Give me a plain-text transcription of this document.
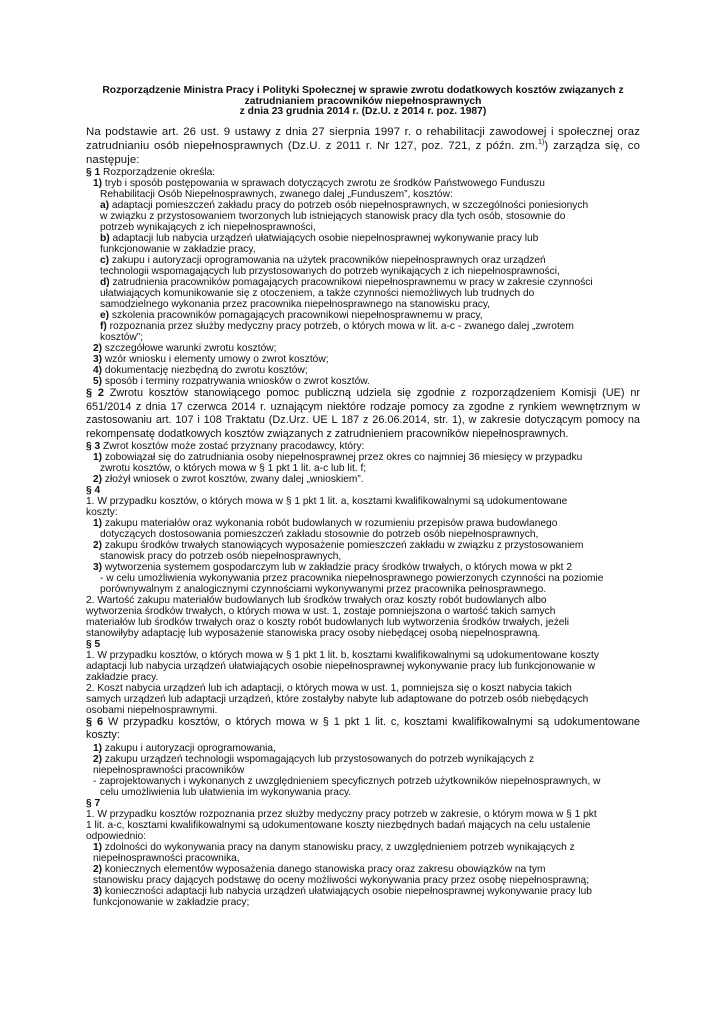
Rozporządzenie Ministra Pracy i Polityki Społecznej w sprawie zwrotu dodatkowych kosztów związanych z
zatrudnianiem pracowników niepełnosprawnych
z dnia 23 grudnia 2014 r. (Dz.U. z 2014 r. poz. 1987)
Na podstawie art. 26 ust. 9 ustawy z dnia 27 sierpnia 1997 r. o rehabilitacji zawodowej i społecznej oraz zatrudnianiu osób niepełnosprawnych (Dz.U. z 2011 r. Nr 127, poz. 721, z późn. zm.$^{1)}$) zarządza się, co następuje:
§ 1 Rozporządzenie określa:
1) tryb i sposób postępowania w sprawach dotyczących zwrotu ze środków Państwowego Funduszu
Rehabilitacji Osób Niepełnosprawnych, zwanego dalej „Funduszem”, kosztów:
a) adaptacji pomieszczeń zakładu pracy do potrzeb osób niepełnosprawnych, w szczególności poniesionych
w związku z przystosowaniem tworzonych lub istniejących stanowisk pracy dla tych osób, stosownie do
potrzeb wynikających z ich niepełnosprawności,
b) adaptacji lub nabycia urządzeń ułatwiających osobie niepełnosprawnej wykonywanie pracy lub
funkcjonowanie w zakładzie pracy,
c) zakupu i autoryzacji oprogramowania na użytek pracowników niepełnosprawnych oraz urządzeń
technologii wspomagających lub przystosowanych do potrzeb wynikających z ich niepełnosprawności,
d) zatrudnienia pracowników pomagających pracownikowi niepełnosprawnemu w pracy w zakresie czynności
ułatwiających komunikowanie się z otoczeniem, a także czynności niemożliwych lub trudnych do
samodzielnego wykonania przez pracownika niepełnosprawnego na stanowisku pracy,
e) szkolenia pracowników pomagających pracownikowi niepełnosprawnemu w pracy,
f) rozpoznania przez służby medyczny pracy potrzeb, o których mowa w lit. a-c - zwanego dalej „zwrotem
kosztów”;
2) szczegółowe warunki zwrotu kosztów;
3) wzór wniosku i elementy umowy o zwrot kosztów;
4) dokumentację niezbędną do zwrotu kosztów;
5) sposób i terminy rozpatrywania wniosków o zwrot kosztów.
§ 2 Zwrotu kosztów stanowiącego pomoc publiczną udziela się zgodnie z rozporządzeniem Komisji (UE) nr 651/2014 z dnia 17 czerwca 2014 r. uznającym niektóre rodzaje pomocy za zgodne z rynkiem wewnętrznym w zastosowaniu art. 107 i 108 Traktatu (Dz.Urz. UE L 187 z 26.06.2014, str. 1), w zakresie dotyczącym pomocy na rekompensatę dodatkowych kosztów związanych z zatrudnieniem pracowników niepełnosprawnych.
§ 3 Zwrot kosztów może zostać przyznany pracodawcy, który:
1) zobowiązał się do zatrudniania osoby niepełnosprawnej przez okres co najmniej 36 miesięcy w przypadku
zwrotu kosztów, o których mowa w § 1 pkt 1 lit. a-c lub lit. f;
2) złożył wniosek o zwrot kosztów, zwany dalej „wnioskiem”.
§ 4
1. W przypadku kosztów, o których mowa w § 1 pkt 1 lit. a, kosztami kwalifikowalnymi są udokumentowane
koszty:
1) zakupu materiałów oraz wykonania robót budowlanych w rozumieniu przepisów prawa budowlanego
dotyczących dostosowania pomieszczeń zakładu stosownie do potrzeb osób niepełnosprawnych,
2) zakupu środków trwałych stanowiących wyposażenie pomieszczeń zakładu w związku z przystosowaniem
stanowisk pracy do potrzeb osób niepełnosprawnych,
3) wytworzenia systemem gospodarczym lub w zakładzie pracy środków trwałych, o których mowa w pkt 2
- w celu umożliwienia wykonywania przez pracownika niepełnosprawnego powierzonych czynności na poziomie
porównywalnym z analogicznymi czynnościami wykonywanymi przez pracownika pełnosprawnego.
2. Wartość zakupu materiałów budowlanych lub środków trwałych oraz koszty robót budowlanych albo
wytworzenia środków trwałych, o których mowa w ust. 1, zostaje pomniejszona o wartość takich samych
materiałów lub środków trwałych oraz o koszty robót budowlanych lub wytworzenia środków trwałych, jeżeli
stanowiłyby adaptację lub wyposażenie stanowiska pracy osoby niebędącej osobą niepełnosprawną.
§ 5
1. W przypadku kosztów, o których mowa w § 1 pkt 1 lit. b, kosztami kwalifikowalnymi są udokumentowane koszty
adaptacji lub nabycia urządzeń ułatwiających osobie niepełnosprawnej wykonywanie pracy lub funkcjonowanie w
zakładzie pracy.
2. Koszt nabycia urządzeń lub ich adaptacji, o których mowa w ust. 1, pomniejsza się o koszt nabycia takich
samych urządzeń lub adaptacji urządzeń, które zostałyby nabyte lub adaptowane do potrzeb osób niebędących
osobami niepełnosprawnymi.
§ 6 W przypadku kosztów, o których mowa w § 1 pkt 1 lit. c, kosztami kwalifikowalnymi są udokumentowane koszty:
1) zakupu i autoryzacji oprogramowania,
2) zakupu urządzeń technologii wspomagających lub przystosowanych do potrzeb wynikających z
niepełnosprawności pracowników
- zaprojektowanych i wykonanych z uwzględnieniem specyficznych potrzeb użytkowników niepełnosprawnych, w
celu umożliwienia lub ułatwienia im wykonywania pracy.
§ 7
1. W przypadku kosztów rozpoznania przez służby medyczny pracy potrzeb w zakresie, o którym mowa w § 1 pkt
1 lit. a-c, kosztami kwalifikowalnymi są udokumentowane koszty niezbędnych badań mających na celu ustalenie
odpowiednio:
1) zdolności do wykonywania pracy na danym stanowisku pracy, z uwzględnieniem potrzeb wynikających z
niepełnosprawności pracownika,
2) koniecznych elementów wyposażenia danego stanowiska pracy oraz zakresu obowiązków na tym
stanowisku pracy dających podstawę do oceny możliwości wykonywania pracy przez osobę niepełnosprawną;
3) konieczności adaptacji lub nabycia urządzeń ułatwiających osobie niepełnosprawnej wykonywanie pracy lub
funkcjonowanie w zakładzie pracy;
